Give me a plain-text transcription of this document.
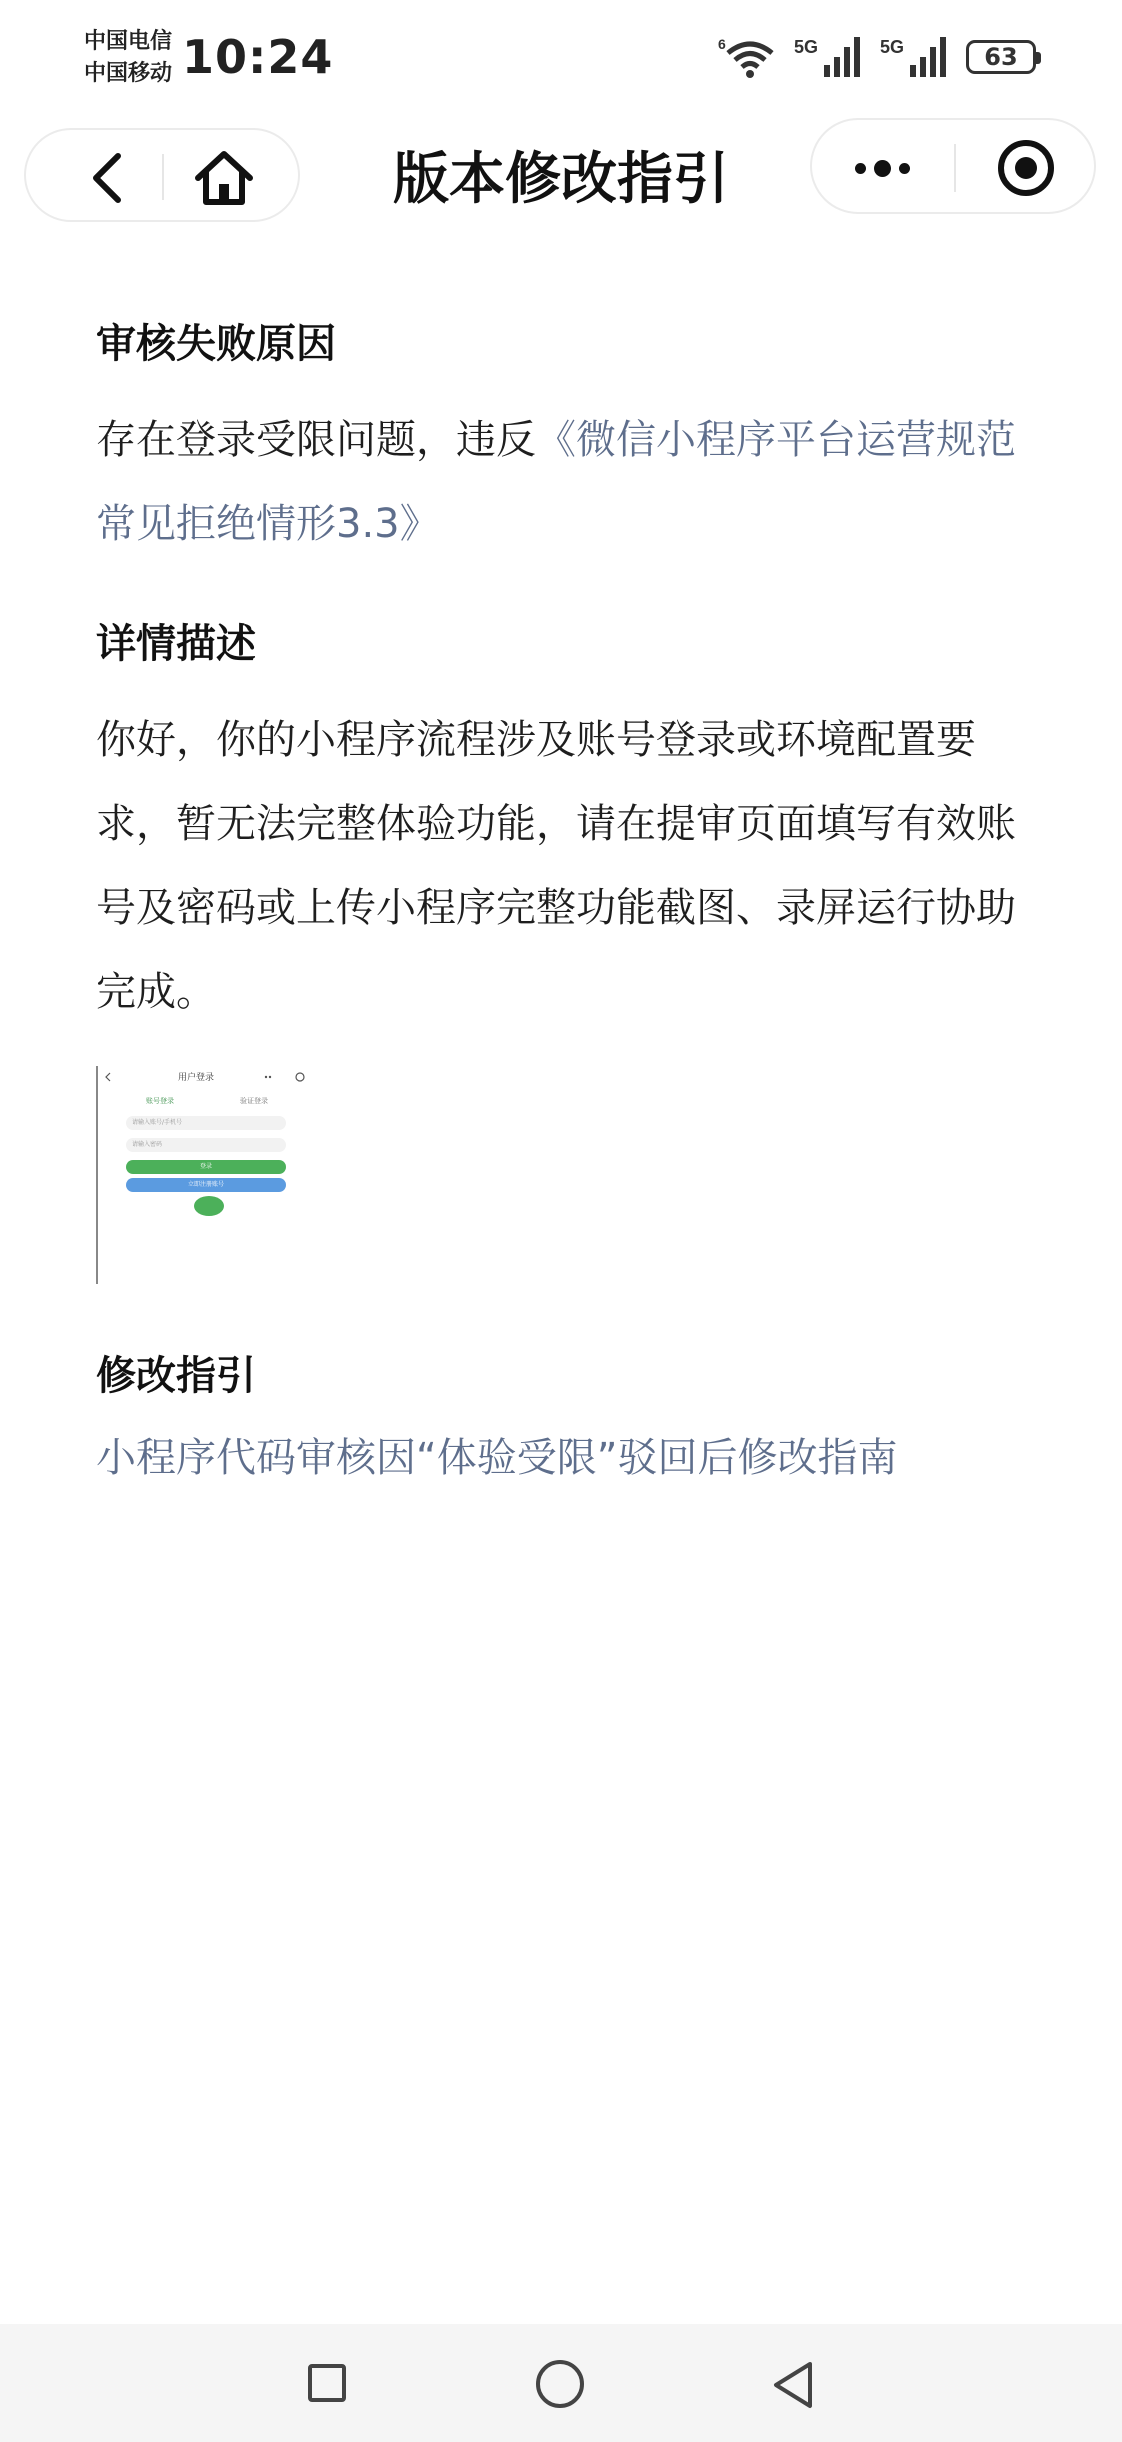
中国电信
中国移动 10:24	6	5G	5G	63
版本修改指引
审核失败原因

存在登录受限问题，违反《微信小程序平台运营规范常见拒绝情形3.3》

详情描述

你好，你的小程序流程涉及账号登录或环境配置要求，暂无法完整体验功能，请在提审页面填写有效账号及密码或上传小程序完整功能截图、录屏运行协助完成。

用户登录
账号登录	验证登录
请输入账号/手机号
请输入密码
登录
立即注册账号
修改指引
小程序代码审核因“体验受限”驳回后修改指南
